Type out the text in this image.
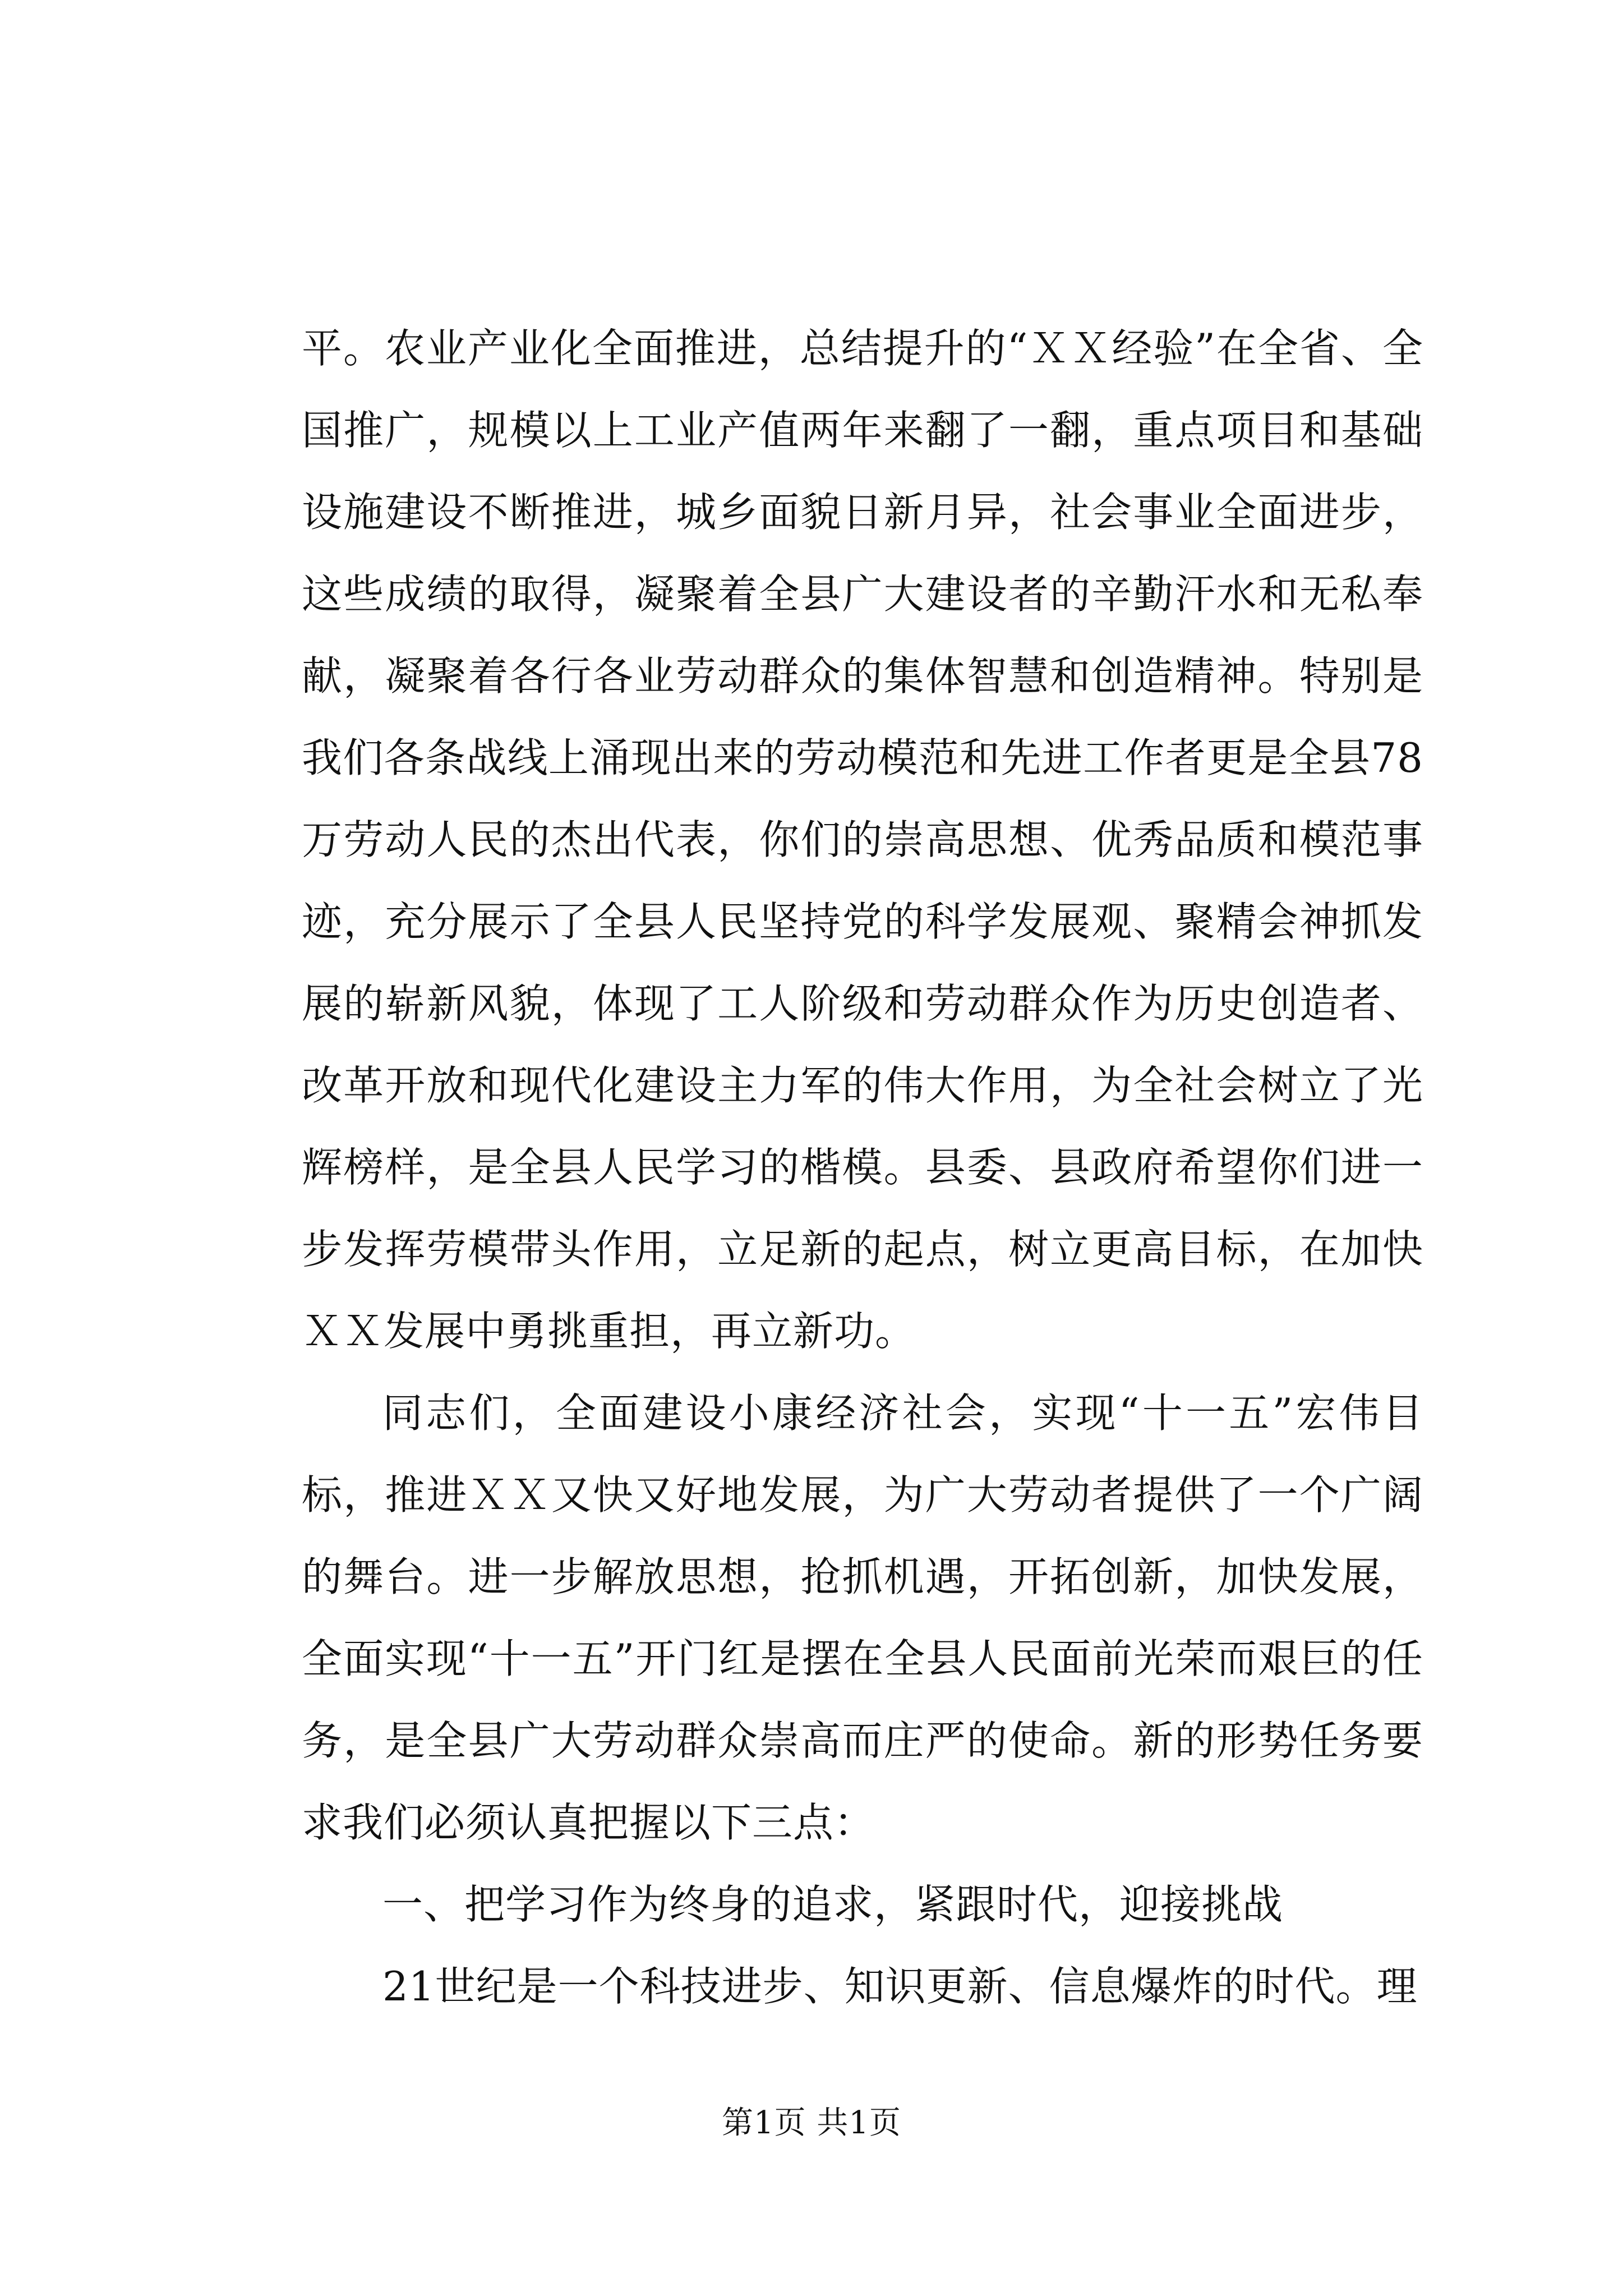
平。农业产业化全面推进，总结提升的“ＸＸ经验”在全省、全国推广，规模以上工业产值两年来翻了一翻，重点项目和基础设施建设不断推进，城乡面貌日新月异，社会事业全面进步，这些成绩的取得，凝聚着全县广大建设者的辛勤汗水和无私奉献，凝聚着各行各业劳动群众的集体智慧和创造精神。特别是我们各条战线上涌现出来的劳动模范和先进工作者更是全县78万劳动人民的杰出代表，你们的崇高思想、优秀品质和模范事迹，充分展示了全县人民坚持党的科学发展观、聚精会神抓发展的崭新风貌，体现了工人阶级和劳动群众作为历史创造者、改革开放和现代化建设主力军的伟大作用，为全社会树立了光辉榜样，是全县人民学习的楷模。县委、县政府希望你们进一步发挥劳模带头作用，立足新的起点，树立更高目标，在加快ＸＸ发展中勇挑重担，再立新功。

同志们，全面建设小康经济社会，实现“十一五”宏伟目标，推进ＸＸ又快又好地发展，为广大劳动者提供了一个广阔的舞台。进一步解放思想，抢抓机遇，开拓创新，加快发展，全面实现“十一五”开门红是摆在全县人民面前光荣而艰巨的任务，是全县广大劳动群众崇高而庄严的使命。新的形势任务要求我们必须认真把握以下三点：

一、把学习作为终身的追求，紧跟时代，迎接挑战

21世纪是一个科技进步、知识更新、信息爆炸的时代。理

第1页 共1页
